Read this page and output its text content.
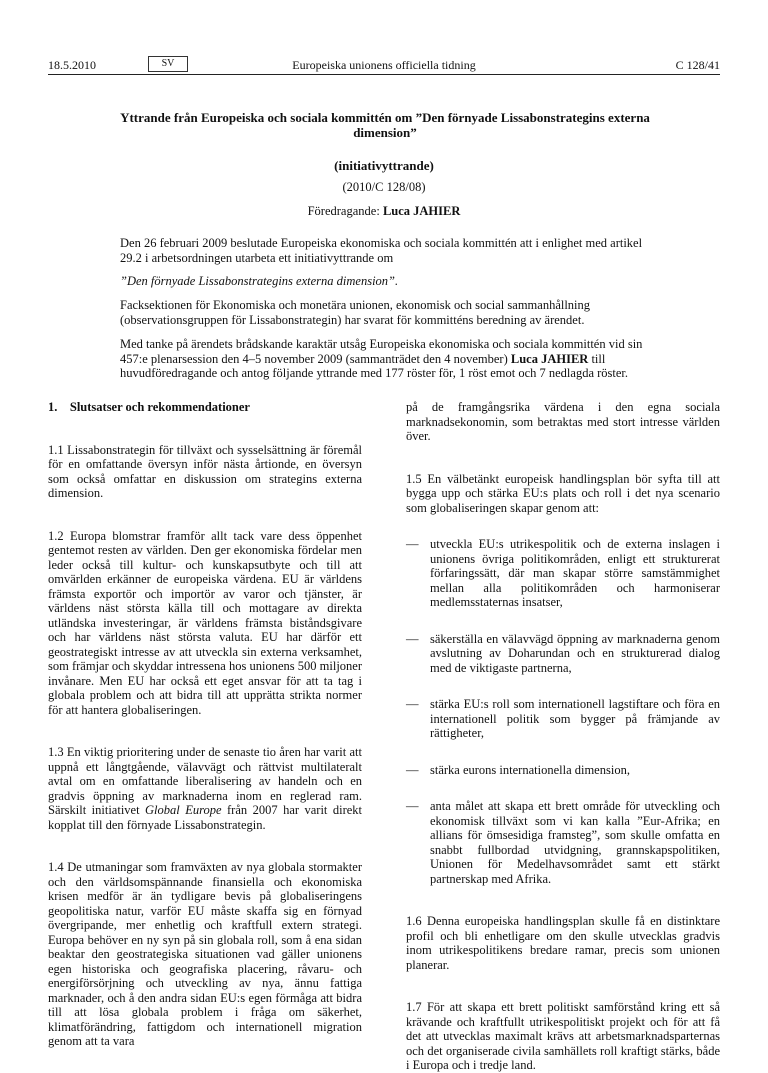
18.5.2010	SV	Europeiska unionens officiella tidning	C 128/41
Yttrande från Europeiska och sociala kommittén om ”Den förnyade Lissabonstrategins externa dimension”
(initiativyttrande)
(2010/C 128/08)
Föredragande: Luca JAHIER

Den 26 februari 2009 beslutade Europeiska ekonomiska och sociala kommittén att i enlighet med artikel 29.2 i arbetsordningen utarbeta ett initiativyttrande om

”Den förnyade Lissabonstrategins externa dimension”.

Facksektionen för Ekonomiska och monetära unionen, ekonomisk och social sammanhållning (observationsgruppen för Lissabonstrategin) har svarat för kommitténs beredning av ärendet.

Med tanke på ärendets brådskande karaktär utsåg Europeiska ekonomiska och sociala kommittén vid sin 457:e plenarsession den 4–5 november 2009 (sammanträdet den 4 november) Luca JAHIER till huvudföredragande och antog följande yttrande med 177 röster för, 1 röst emot och 7 nedlagda röster.

1. Slutsatser och rekommendationer

1.1 Lissabonstrategin för tillväxt och sysselsättning är föremål för en omfattande översyn inför nästa årtionde, en översyn som också omfattar en diskussion om strategins externa dimension.

1.2 Europa blomstrar framför allt tack vare dess öppenhet gentemot resten av världen. Den ger ekonomiska fördelar men leder också till kultur- och kunskapsutbyte och till att omvärlden erkänner de europeiska värdena. EU är världens främsta exportör och importör av varor och tjänster, är världens näst största källa till och mottagare av direkta utländska investeringar, är världens främsta biståndsgivare och har världens näst största valuta. EU har därför ett geostrategiskt intresse av att utveckla sin externa verksamhet, som främjar och skyddar intressena hos unionens 500 miljoner invånare. Men EU har också ett eget ansvar för att ta tag i globala problem och att bidra till att upprätta strikta normer för att hantera globaliseringen.

1.3 En viktig prioritering under de senaste tio åren har varit att uppnå ett långtgående, välavvägt och rättvist multilateralt avtal om en omfattande liberalisering av handeln och en gradvis öppning av marknaderna inom en reglerad ram. Särskilt initiativet Global Europe från 2007 har varit direkt kopplat till den förnyade Lissabonstrategin.

1.4 De utmaningar som framväxten av nya globala stormakter och den världsomspännande finansiella och ekonomiska krisen medför är än tydligare bevis på globaliseringens geopolitiska natur, varför EU måste skaffa sig en förnyad övergripande, mer enhetlig och kraftfull extern strategi. Europa behöver en ny syn på sin globala roll, som å ena sidan beaktar den geostrategiska situationen vad gäller unionens egen historiska och geografiska placering, råvaru- och energiförsörjning och utveckling av nya, ännu fattiga marknader, och å den andra sidan EU:s egen förmåga att bidra till att lösa globala problem i fråga om säkerhet, klimatförändring, fattigdom och internationell migration genom att ta vara

på de framgångsrika värdena i den egna sociala marknadsekonomin, som betraktas med stort intresse världen över.

1.5 En välbetänkt europeisk handlingsplan bör syfta till att bygga upp och stärka EU:s plats och roll i det nya scenario som globaliseringen skapar genom att:

— utveckla EU:s utrikespolitik och de externa inslagen i unionens övriga politikområden, enligt ett strukturerat förfaringssätt, där man skapar större samstämmighet mellan alla politikområden och harmoniserar medlemsstaternas insatser,
— säkerställa en välavvägd öppning av marknaderna genom avslutning av Doharundan och en strukturerad dialog med de viktigaste partnerna,
— stärka EU:s roll som internationell lagstiftare och föra en internationell politik som bygger på främjande av rättigheter,
— stärka eurons internationella dimension,
— anta målet att skapa ett brett område för utveckling och ekonomisk tillväxt som vi kan kalla ”Eur-Afrika; en allians för ömsesidiga framsteg”, som skulle omfatta en snabbt fullbordad utvidgning, grannskapspolitiken, Unionen för Medelhavsområdet samt ett stärkt partnerskap med Afrika.

1.6 Denna europeiska handlingsplan skulle få en distinktare profil och bli enhetligare om den skulle utvecklas gradvis inom utrikespolitikens bredare ramar, precis som unionen planerar.

1.7 För att skapa ett brett politiskt samförstånd kring ett så krävande och kraftfullt utrikespolitiskt projekt och för att få det att utvecklas maximalt krävs att arbetsmarknadsparternas och det organiserade civila samhällets roll kraftigt stärks, både i Europa och i tredje land.
